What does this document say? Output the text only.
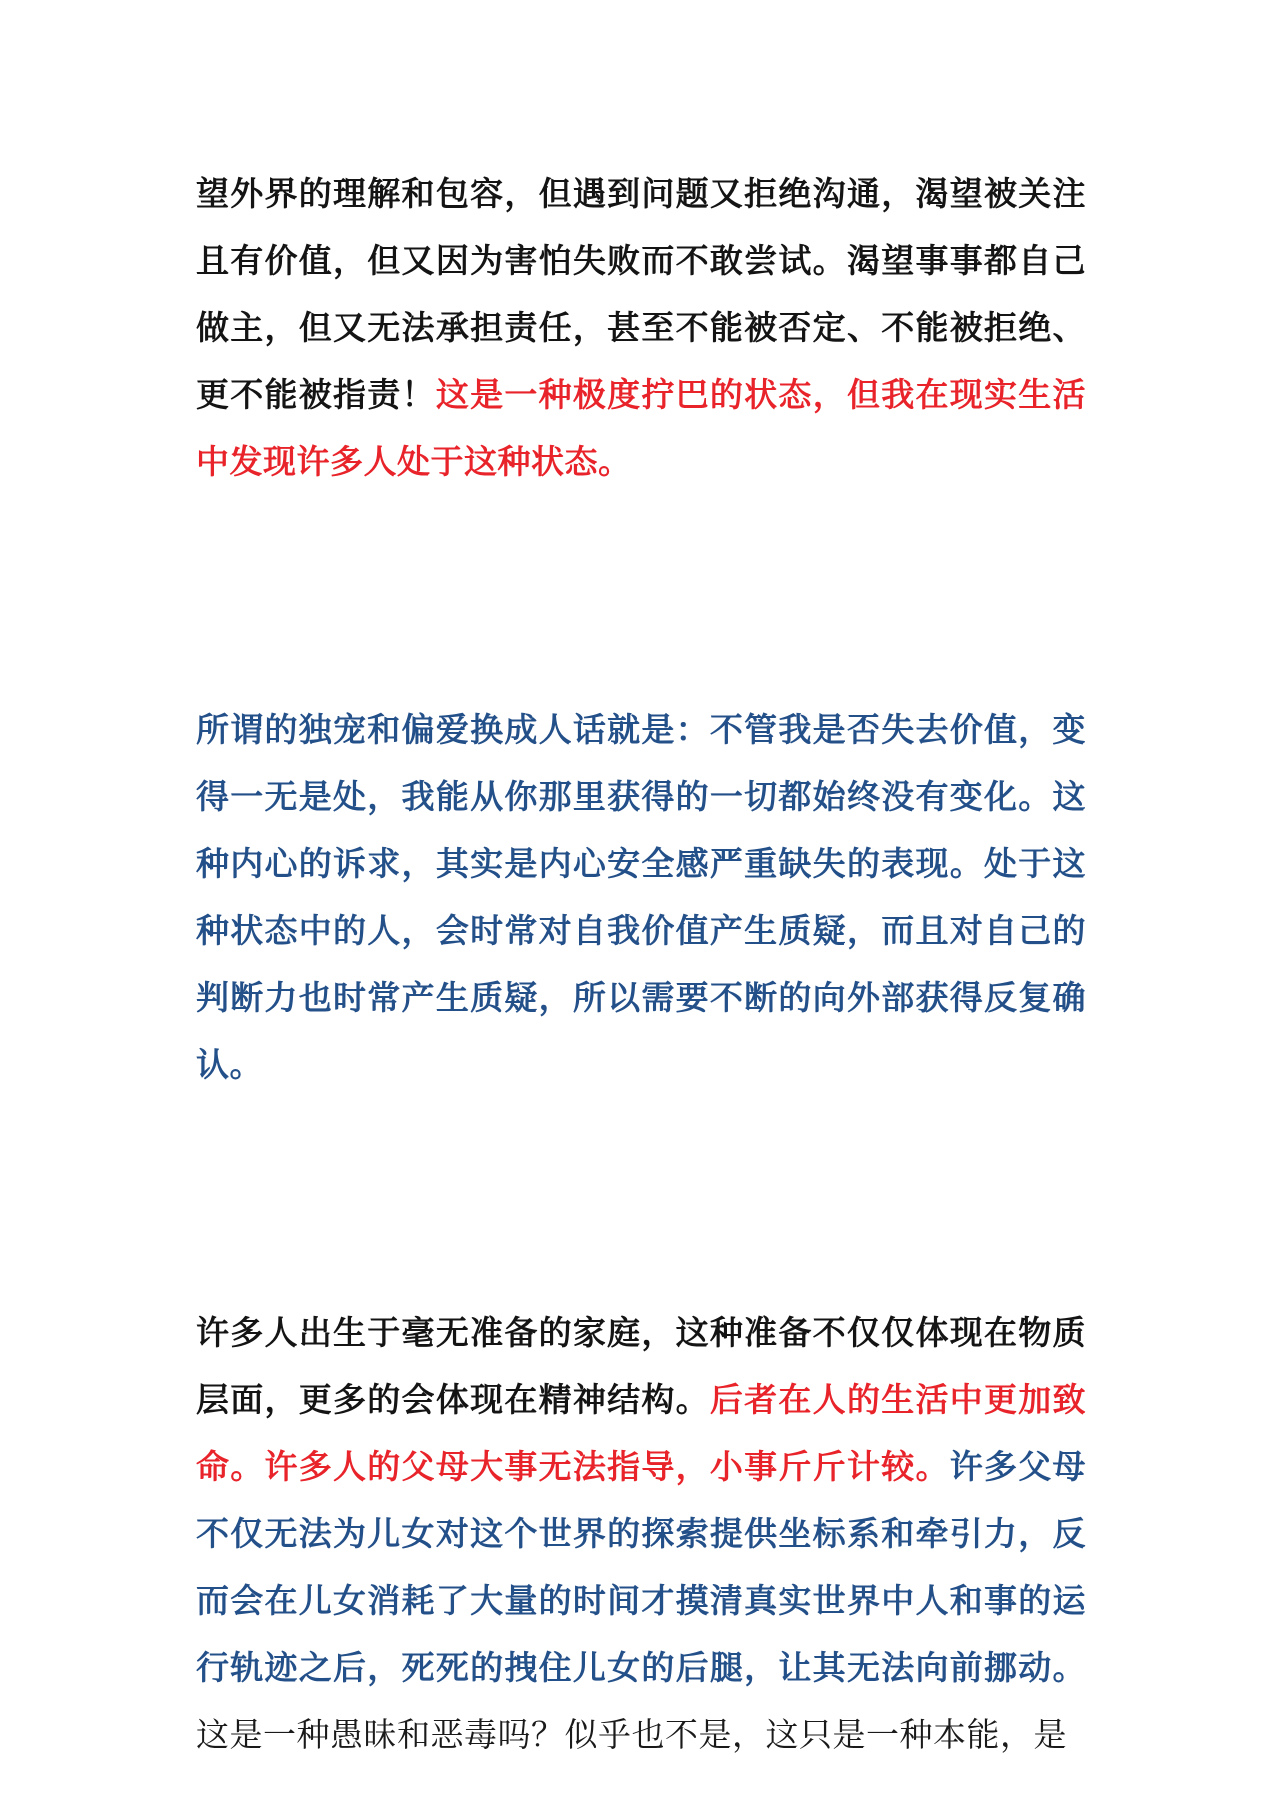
望外界的理解和包容，但遇到问题又拒绝沟通，渴望被关注且有价值，但又因为害怕失败而不敢尝试。渴望事事都自己做主，但又无法承担责任，甚至不能被否定、不能被拒绝、更不能被指责！这是一种极度拧巴的状态，但我在现实生活中发现许多人处于这种状态。

所谓的独宠和偏爱换成人话就是：不管我是否失去价值，变得一无是处，我能从你那里获得的一切都始终没有变化。这种内心的诉求，其实是内心安全感严重缺失的表现。处于这种状态中的人，会时常对自我价值产生质疑，而且对自己的判断力也时常产生质疑，所以需要不断的向外部获得反复确认。

许多人出生于毫无准备的家庭，这种准备不仅仅体现在物质层面，更多的会体现在精神结构。后者在人的生活中更加致命。许多人的父母大事无法指导，小事斤斤计较。许多父母不仅无法为儿女对这个世界的探索提供坐标系和牵引力，反而会在儿女消耗了大量的时间才摸清真实世界中人和事的运行轨迹之后，死死的拽住儿女的后腿，让其无法向前挪动。这是一种愚昧和恶毒吗？似乎也不是，这只是一种本能，是
